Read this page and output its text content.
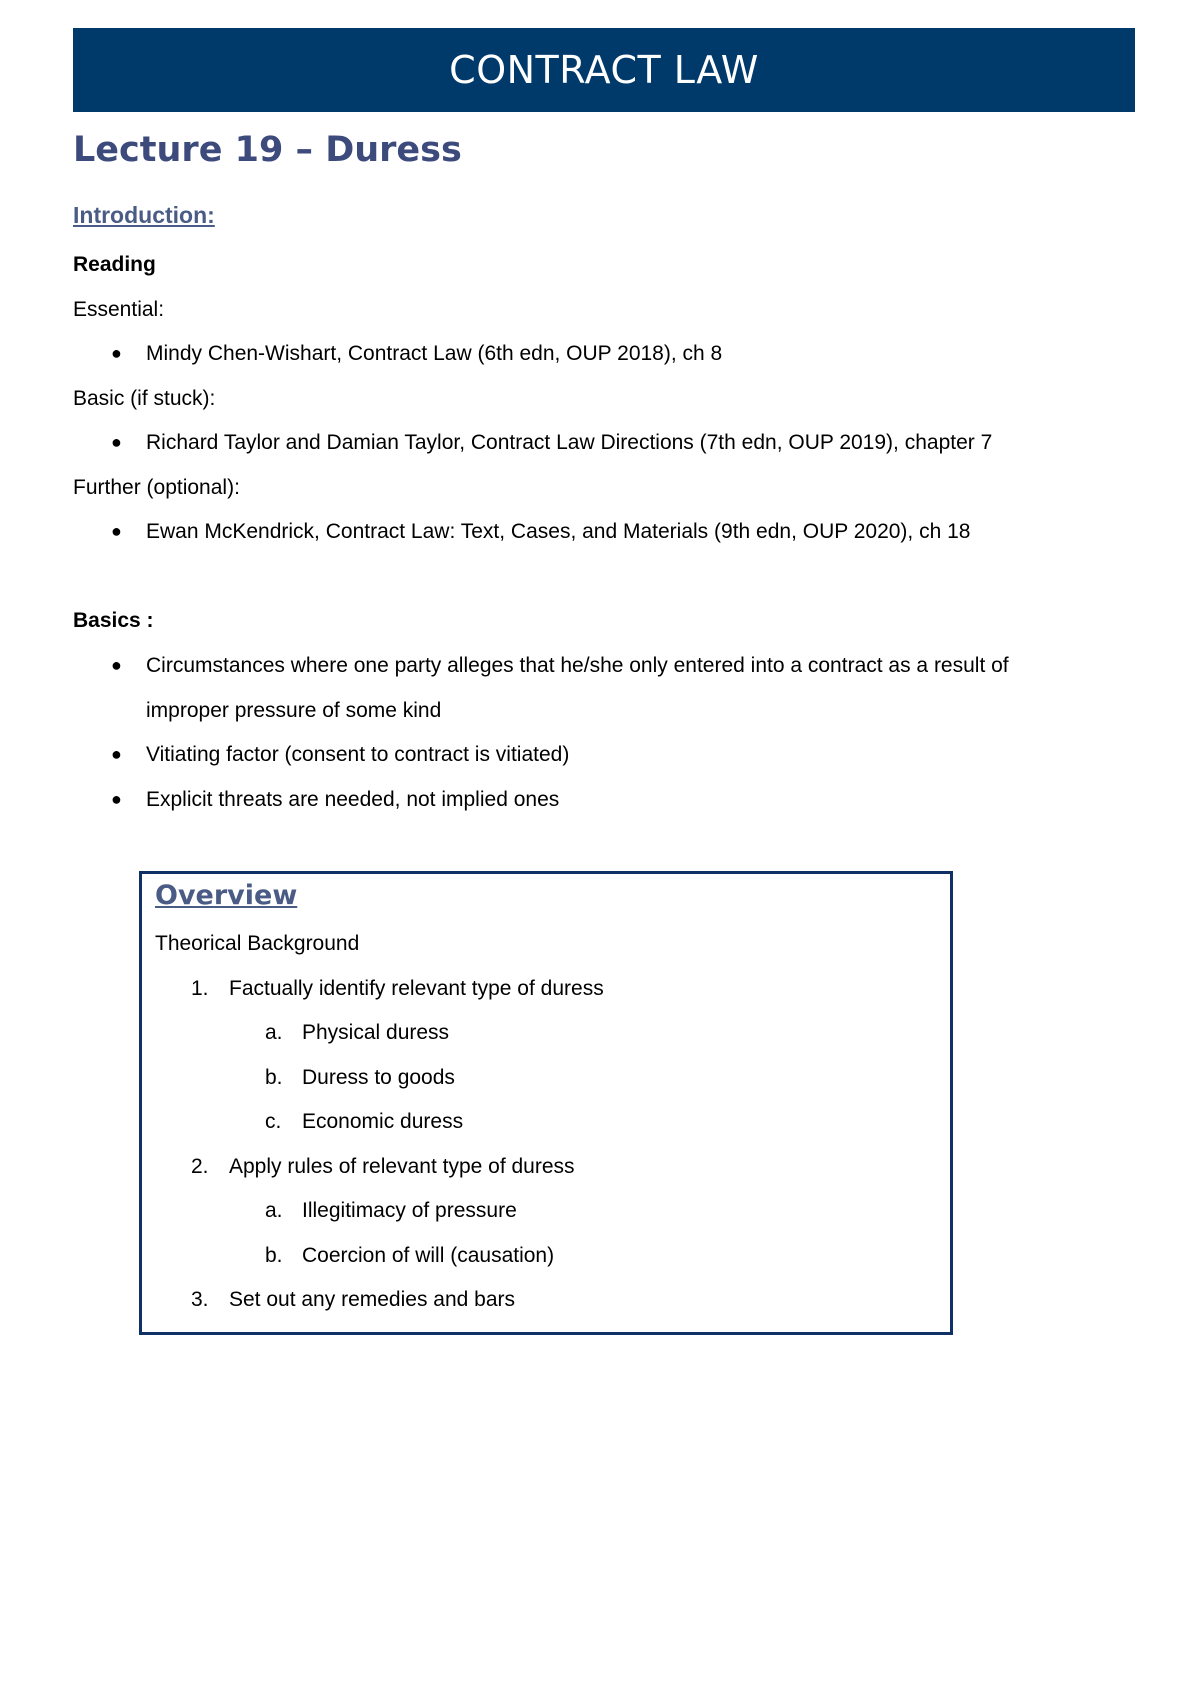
CONTRACT LAW
Lecture 19 – Duress
Introduction:
Reading
Essential:
● Mindy Chen-Wishart, Contract Law (6th edn, OUP 2018), ch 8
Basic (if stuck):
● Richard Taylor and Damian Taylor, Contract Law Directions (7th edn, OUP 2019), chapter 7
Further (optional):
● Ewan McKendrick, Contract Law: Text, Cases, and Materials (9th edn, OUP 2020), ch 18
Basics :
● Circumstances where one party alleges that he/she only entered into a contract as a result of
improper pressure of some kind
● Vitiating factor (consent to contract is vitiated)
● Explicit threats are needed, not implied ones
Overview
Theorical Background
1. Factually identify relevant type of duress
a. Physical duress
b. Duress to goods
c. Economic duress
2. Apply rules of relevant type of duress
a. Illegitimacy of pressure
b. Coercion of will (causation)
3. Set out any remedies and bars
